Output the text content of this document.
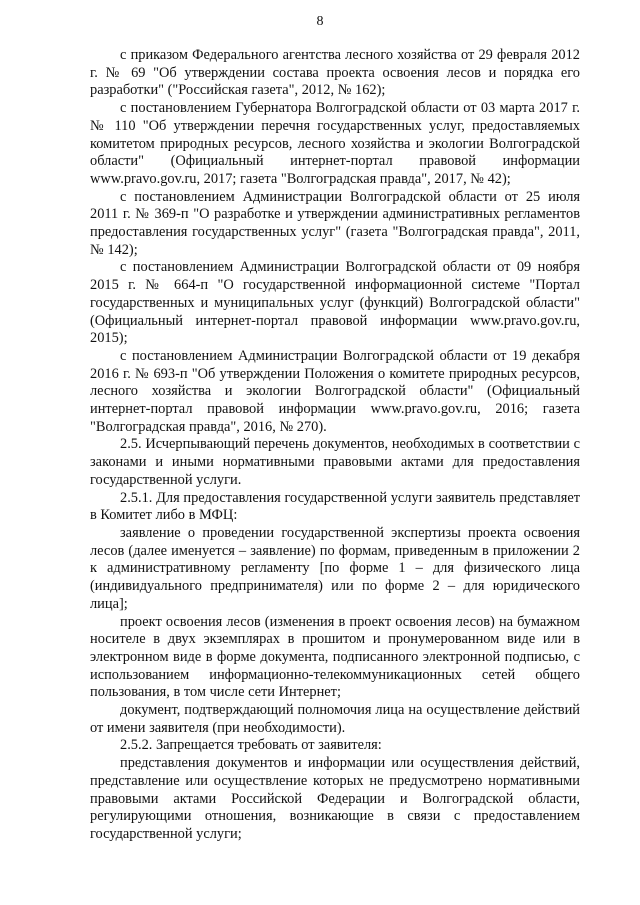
8

с приказом Федерального агентства лесного хозяйства от 29 февраля 2012 г. № 69 "Об утверждении состава проекта освоения лесов и порядка его разработки" ("Российская газета", 2012, № 162);

с постановлением Губернатора Волгоградской области от 03 марта 2017 г. № 110 "Об утверждении перечня государственных услуг, предоставляемых комитетом природных ресурсов, лесного хозяйства и экологии Волгоградской области" (Официальный интернет-портал правовой информации www.pravo.gov.ru, 2017; газета "Волгоградская правда", 2017, № 42);

с постановлением Администрации Волгоградской области от 25 июля 2011 г. № 369-п "О разработке и утверждении административных регламентов предоставления государственных услуг" (газета "Волгоградская правда", 2011, № 142);

с постановлением Администрации Волгоградской области от 09 ноября 2015 г. № 664-п "О государственной информационной системе "Портал государственных и муниципальных услуг (функций) Волгоградской области" (Официальный интернет-портал правовой информации www.pravo.gov.ru, 2015);

с постановлением Администрации Волгоградской области от 19 декабря 2016 г. № 693-п "Об утверждении Положения о комитете природных ресурсов, лесного хозяйства и экологии Волгоградской области" (Официальный интернет-портал правовой информации www.pravo.gov.ru, 2016; газета "Волгоградская правда", 2016, № 270).

2.5. Исчерпывающий перечень документов, необходимых в соответствии с законами и иными нормативными правовыми актами для предоставления государственной услуги.

2.5.1. Для предоставления государственной услуги заявитель представляет в Комитет либо в МФЦ:

заявление о проведении государственной экспертизы проекта освоения лесов (далее именуется – заявление) по формам, приведенным в приложении 2 к административному регламенту [по форме 1 – для физического лица (индивидуального предпринимателя) или по форме 2 – для юридического лица];

проект освоения лесов (изменения в проект освоения лесов) на бумажном носителе в двух экземплярах в прошитом и пронумерованном виде или в электронном виде в форме документа, подписанного электронной подписью, с использованием информационно-телекоммуникационных сетей общего пользования, в том числе сети Интернет;

документ, подтверждающий полномочия лица на осуществление действий от имени заявителя (при необходимости).

2.5.2. Запрещается требовать от заявителя:

представления документов и информации или осуществления действий, представление или осуществление которых не предусмотрено нормативными правовыми актами Российской Федерации и Волгоградской области, регулирующими отношения, возникающие в связи с предоставлением государственной услуги;
